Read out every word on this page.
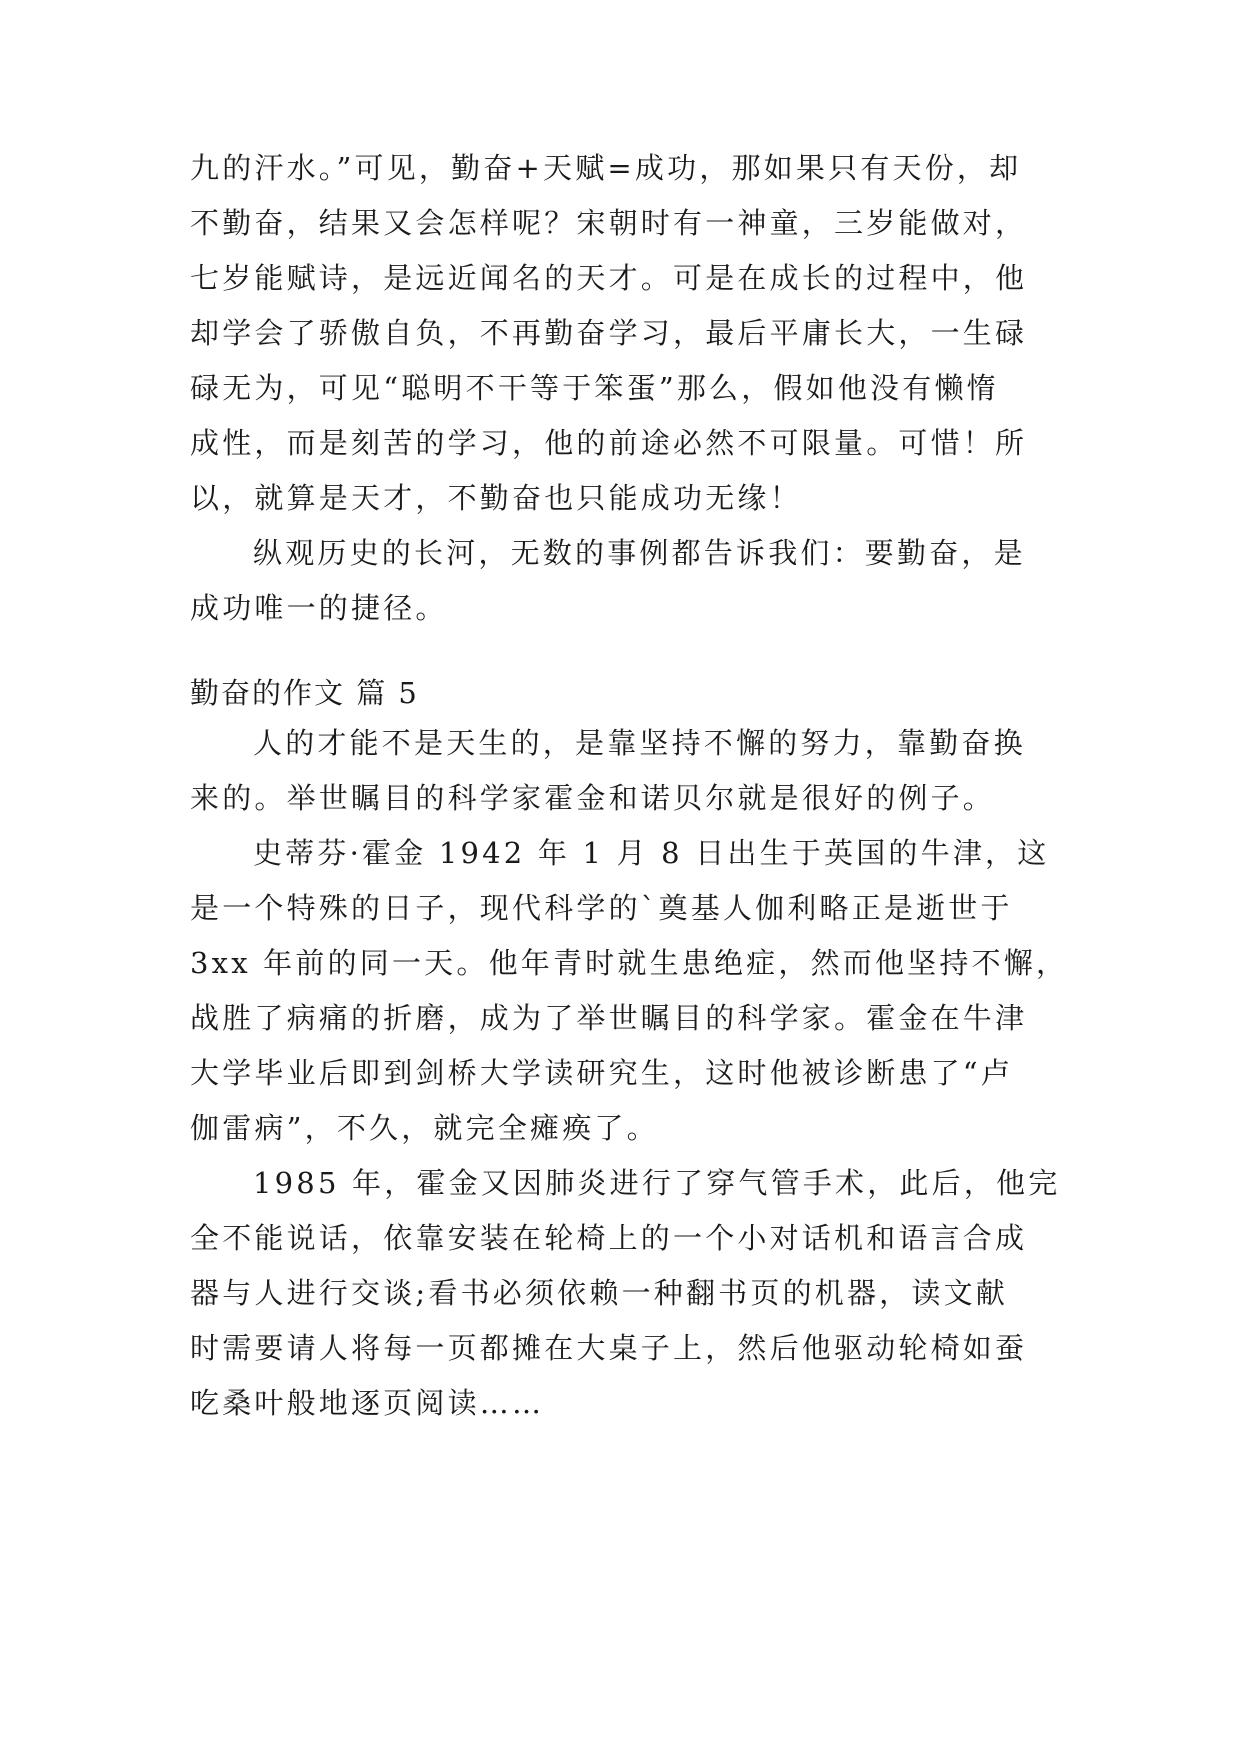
九的汗水。”可见，勤奋+天赋=成功，那如果只有天份，却
不勤奋，结果又会怎样呢？宋朝时有一神童，三岁能做对，
七岁能赋诗，是远近闻名的天才。可是在成长的过程中，他
却学会了骄傲自负，不再勤奋学习，最后平庸长大，一生碌
碌无为，可见“聪明不干等于笨蛋”那么，假如他没有懒惰
成性，而是刻苦的学习，他的前途必然不可限量。可惜！所
以，就算是天才，不勤奋也只能成功无缘！
纵观历史的长河，无数的事例都告诉我们：要勤奋，是
成功唯一的捷径。
勤奋的作文 篇 5
人的才能不是天生的，是靠坚持不懈的努力，靠勤奋换
来的。举世瞩目的科学家霍金和诺贝尔就是很好的例子。
史蒂芬·霍金 1942 年 1 月 8 日出生于英国的牛津，这
是一个特殊的日子，现代科学的`奠基人伽利略正是逝世于
3xx 年前的同一天。他年青时就生患绝症，然而他坚持不懈，
战胜了病痛的折磨，成为了举世瞩目的科学家。霍金在牛津
大学毕业后即到剑桥大学读研究生，这时他被诊断患了“卢
伽雷病”，不久，就完全瘫痪了。
1985 年，霍金又因肺炎进行了穿气管手术，此后，他完
全不能说话，依靠安装在轮椅上的一个小对话机和语言合成
器与人进行交谈;看书必须依赖一种翻书页的机器，读文献
时需要请人将每一页都摊在大桌子上，然后他驱动轮椅如蚕
吃桑叶般地逐页阅读……
